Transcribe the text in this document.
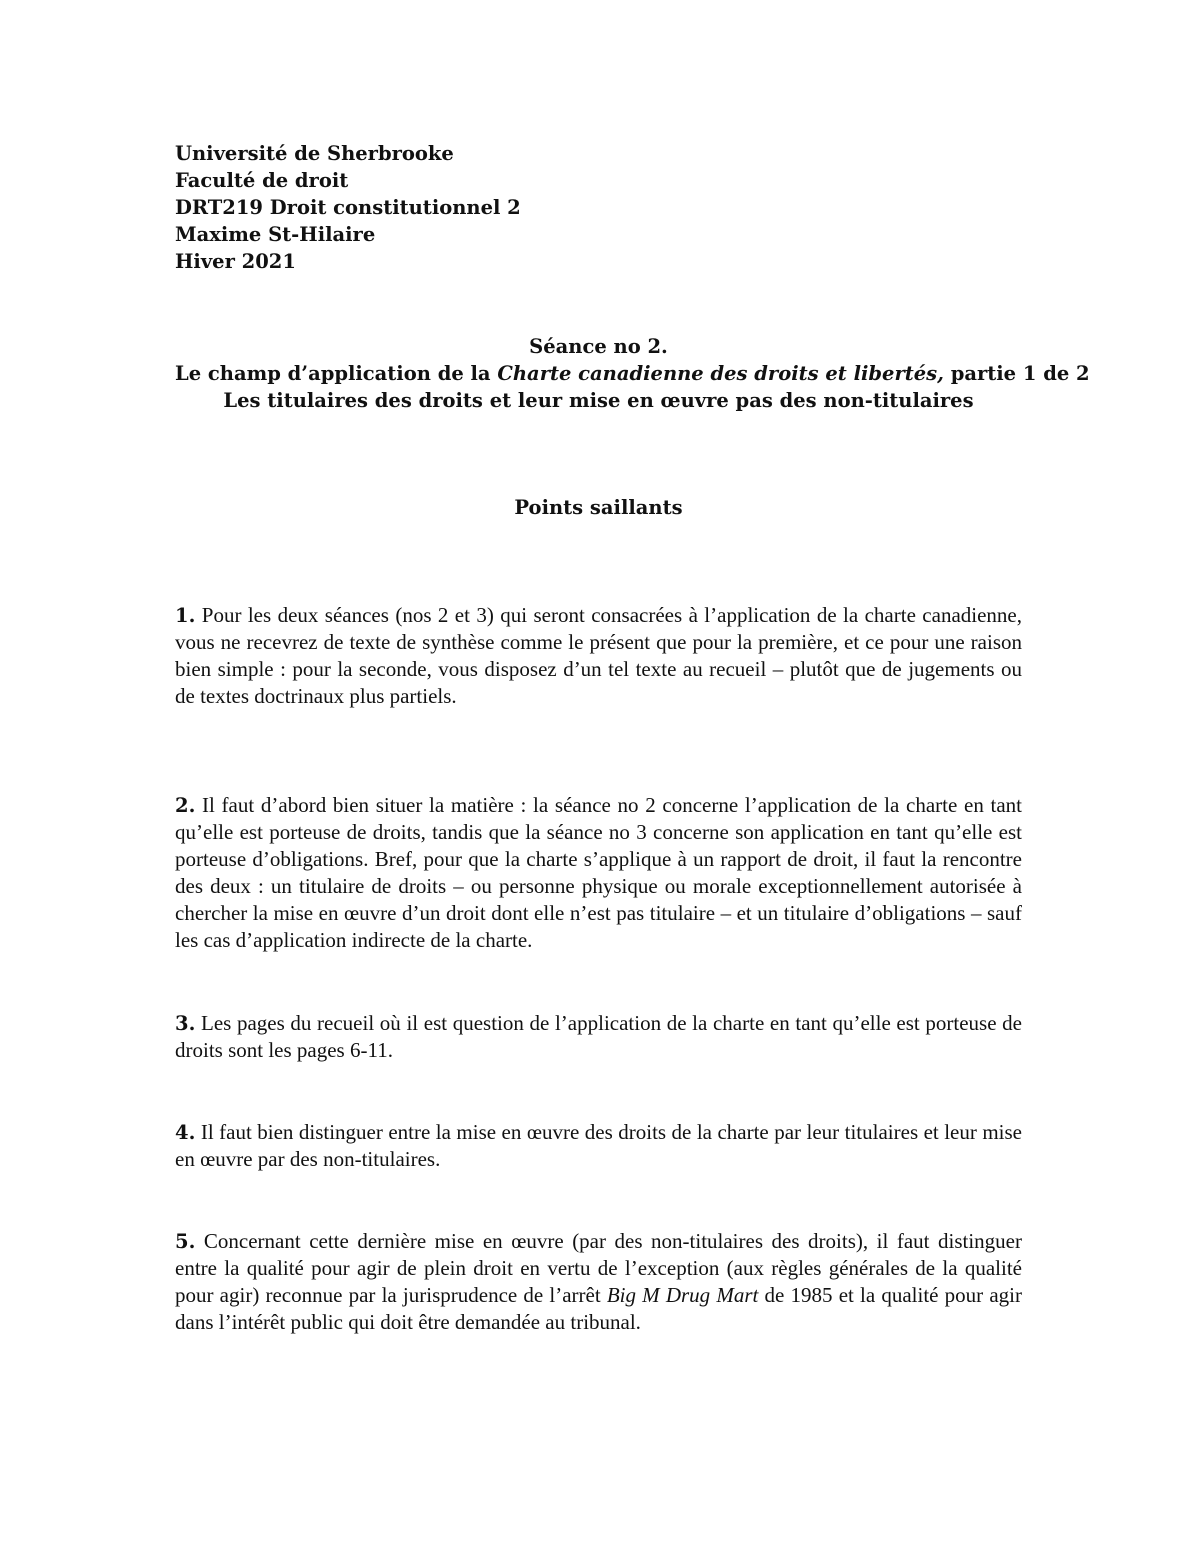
Université de Sherbrooke
Faculté de droit
DRT219 Droit constitutionnel 2
Maxime St-Hilaire
Hiver 2021
Séance no 2.
Le champ d’application de la Charte canadienne des droits et libertés, partie 1 de 2
Les titulaires des droits et leur mise en œuvre pas des non-titulaires
Points saillants

1. Pour les deux séances (nos 2 et 3) qui seront consacrées à l’application de la charte canadienne, vous ne recevrez de texte de synthèse comme le présent que pour la première, et ce pour une raison bien simple : pour la seconde, vous disposez d’un tel texte au recueil – plutôt que de jugements ou de textes doctrinaux plus partiels.

2. Il faut d’abord bien situer la matière : la séance no 2 concerne l’application de la charte en tant qu’elle est porteuse de droits, tandis que la séance no 3 concerne son application en tant qu’elle est porteuse d’obligations. Bref, pour que la charte s’applique à un rapport de droit, il faut la rencontre des deux : un titulaire de droits – ou personne physique ou morale exceptionnellement autorisée à chercher la mise en œuvre d’un droit dont elle n’est pas titulaire – et un titulaire d’obligations – sauf les cas d’application indirecte de la charte.

3. Les pages du recueil où il est question de l’application de la charte en tant qu’elle est porteuse de droits sont les pages 6-11.

4. Il faut bien distinguer entre la mise en œuvre des droits de la charte par leur titulaires et leur mise en œuvre par des non-titulaires.

5. Concernant cette dernière mise en œuvre (par des non-titulaires des droits), il faut distinguer entre la qualité pour agir de plein droit en vertu de l’exception (aux règles générales de la qualité pour agir) reconnue par la jurisprudence de l’arrêt Big M Drug Mart de 1985 et la qualité pour agir dans l’intérêt public qui doit être demandée au tribunal.
